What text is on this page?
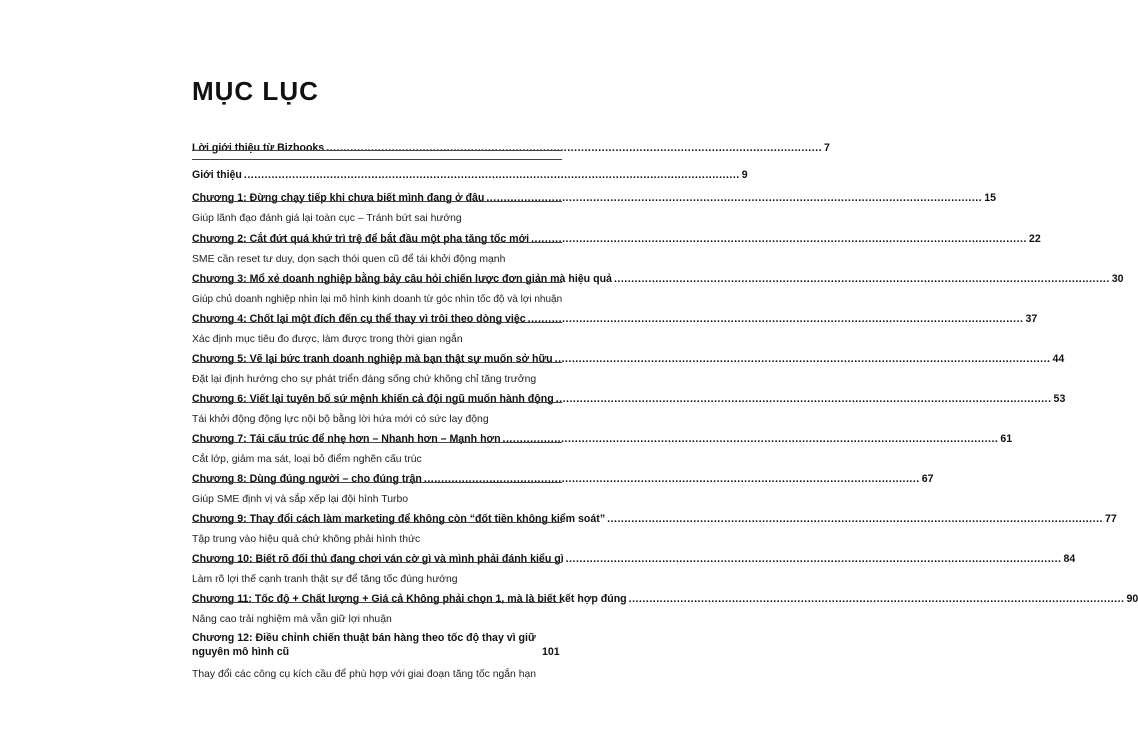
MỤC LỤC
Lời giới thiệu từ Bizbooks .....	7
Giới thiệu .....	9
Chương 1: Đừng chạy tiếp khi chưa biết mình đang ở đâu .....	15
Giúp lãnh đạo đánh giá lại toàn cục – Tránh bứt sai hướng
Chương 2: Cắt đứt quá khứ trì trệ để bắt đầu một pha tăng tốc mới .....	22
SME cần reset tư duy, dọn sạch thói quen cũ để tái khởi động mạnh
Chương 3: Mổ xẻ doanh nghiệp bằng bảy câu hỏi chiến lược đơn giản mà hiệu quả .....	30
Giúp chủ doanh nghiệp nhìn lại mô hình kinh doanh từ góc nhìn tốc độ và lợi nhuận
Chương 4: Chốt lại một đích đến cụ thể thay vì trôi theo dòng việc .....	37
Xác định mục tiêu đo được, làm được trong thời gian ngắn
Chương 5: Vẽ lại bức tranh doanh nghiệp mà bạn thật sự muốn sở hữu .....	44
Đặt lại định hướng cho sự phát triển đáng sống chứ không chỉ tăng trưởng
Chương 6: Viết lại tuyên bố sứ mệnh khiến cả đội ngũ muốn hành động .....	53
Tái khởi động động lực nội bộ bằng lời hứa mới có sức lay động
Chương 7: Tái cấu trúc để nhẹ hơn – Nhanh hơn – Mạnh hơn .....	61
Cắt lớp, giảm ma sát, loại bỏ điểm nghẽn cấu trúc
Chương 8: Dùng đúng người – cho đúng trận .....	67
Giúp SME định vị và sắp xếp lại đội hình Turbo
Chương 9: Thay đổi cách làm marketing để không còn “đốt tiền không kiểm soát” .....	77
Tập trung vào hiệu quả chứ không phải hình thức
Chương 10: Biết rõ đối thủ đang chơi ván cờ gì và mình phải đánh kiểu gì .....	84
Làm rõ lợi thế cạnh tranh thật sự để tăng tốc đúng hướng
Chương 11: Tốc độ + Chất lượng + Giá cả Không phải chọn 1, mà là biết kết hợp đúng .....	90
Nâng cao trải nghiệm mà vẫn giữ lợi nhuận
Chương 12: Điều chỉnh chiến thuật bán hàng theo tốc độ thay vì giữ nguyên mô hình cũ	101
Thay đổi các công cụ kích cầu để phù hợp với giai đoạn tăng tốc ngắn hạn
